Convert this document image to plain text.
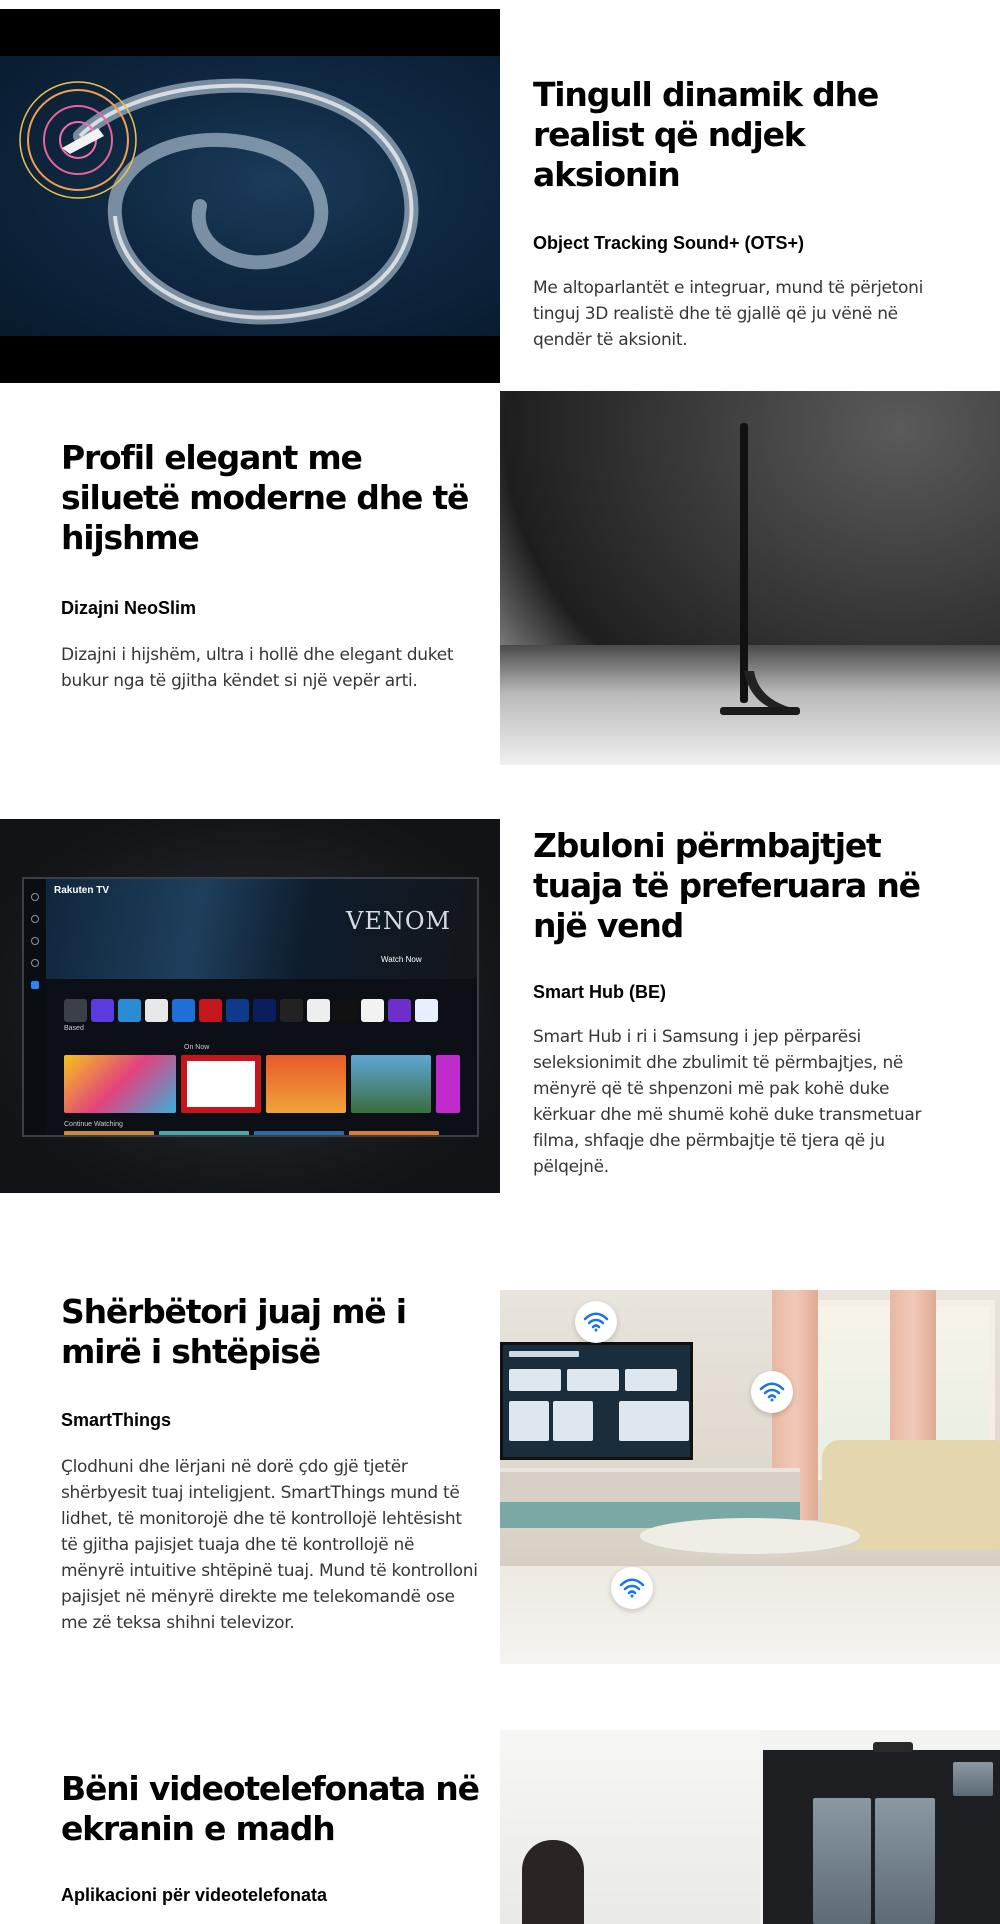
Tingull dinamik dhe realist që ndjek aksionin
Object Tracking Sound+ (OTS+)

Me altoparlantët e integruar, mund të përjetoni tinguj 3D realistë dhe të gjallë që ju vënë në qendër të aksionit.

Profil elegant me siluetë moderne dhe të hijshme
Dizajni NeoSlim

Dizajni i hijshëm, ultra i hollë dhe elegant duket bukur nga të gjitha këndet si një vepër arti.

Rakuten TV
VENOM
Watch Now
Based
On Now
Continue Watching
Zbuloni përmbajtjet tuaja të preferuara në një vend
Smart Hub (BE)

Smart Hub i ri i Samsung i jep përparësi seleksionimit dhe zbulimit të përmbajtjes, në mënyrë që të shpenzoni më pak kohë duke kërkuar dhe më shumë kohë duke transmetuar filma, shfaqje dhe përmbajtje të tjera që ju pëlqejnë.

Shërbëtori juaj më i mirë i shtëpisë
SmartThings

Çlodhuni dhe lërjani në dorë çdo gjë tjetër shërbyesit tuaj inteligjent. SmartThings mund të lidhet, të monitorojë dhe të kontrollojë lehtësisht të gjitha pajisjet tuaja dhe të kontrollojë në mënyrë intuitive shtëpinë tuaj. Mund të kontrolloni pajisjet në mënyrë direkte me telekomandë ose me zë teksa shihni televizor.

Bëni videotelefonata në ekranin e madh
Aplikacioni për videotelefonata
